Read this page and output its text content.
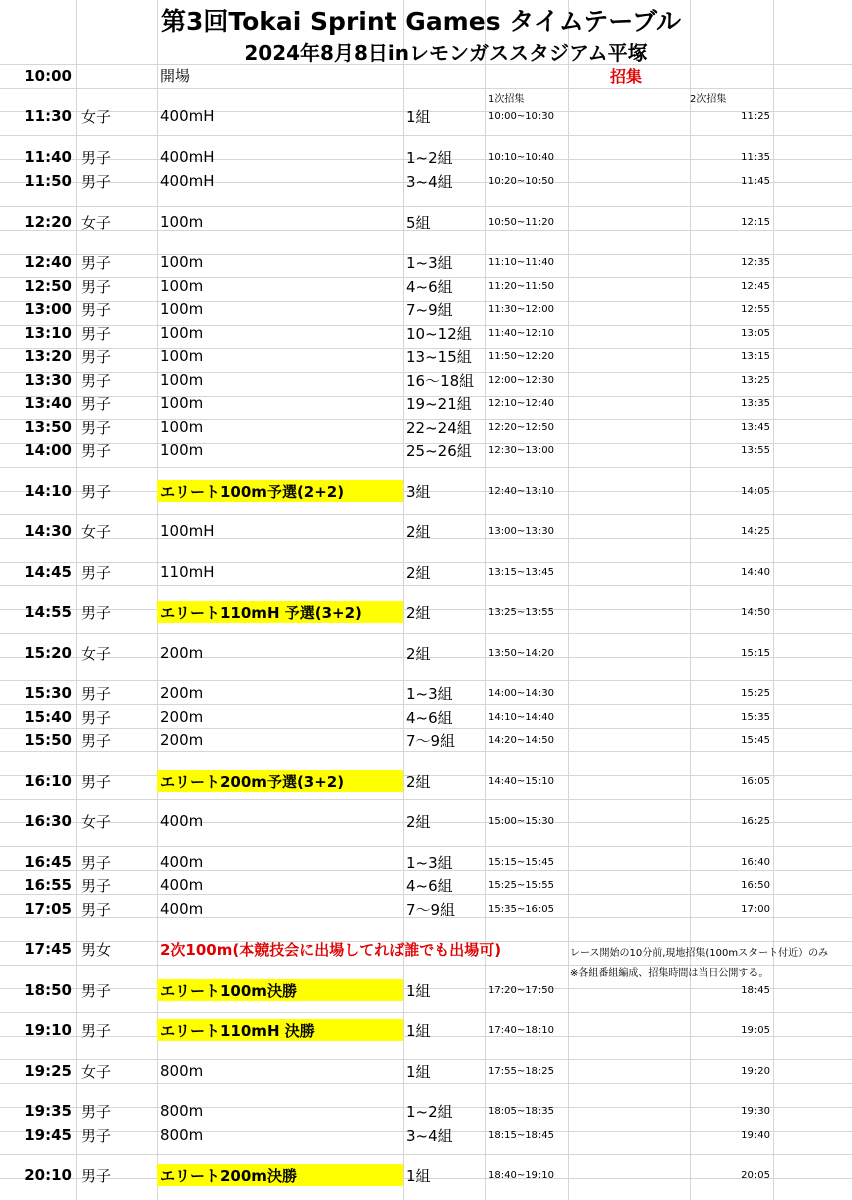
第3回Tokai Sprint Games タイムテーブル
2024年8月8日inレモンガススタジアム平塚
10:00	開場	招集
1次招集	2次招集
11:30 女子	400mH	1組	10:00~10:30	11:25
11:40 男子	400mH	1~2組	10:10~10:40	11:35
11:50 男子	400mH	3~4組	10:20~10:50	11:45
12:20 女子	100m	5組	10:50~11:20	12:15
12:40 男子	100m	1~3組	11:10~11:40	12:35
12:50 男子	100m	4~6組	11:20~11:50	12:45
13:00 男子	100m	7~9組	11:30~12:00	12:55
13:10 男子	100m	10~12組 11:40~12:10	13:05
13:20 男子	100m	13~15組 11:50~12:20	13:15
13:30 男子	100m	16〜18組 12:00~12:30	13:25
13:40 男子	100m	19~21組 12:10~12:40	13:35
13:50 男子	100m	22~24組 12:20~12:50	13:45
14:00 男子	100m	25~26組 12:30~13:00	13:55
14:10 男子	エリート100m予選(2+2)	3組	12:40~13:10	14:05
14:30 女子	100mH	2組	13:00~13:30	14:25
14:45 男子	110mH	2組	13:15~13:45	14:40
14:55 男子	エリート110mH 予選(3+2)	2組	13:25~13:55	14:50
15:20 女子	200m	2組	13:50~14:20	15:15
15:30 男子	200m	1~3組	14:00~14:30	15:25
15:40 男子	200m	4~6組	14:10~14:40	15:35
15:50 男子	200m	7〜9組	14:20~14:50	15:45
16:10 男子	エリート200m予選(3+2)	2組	14:40~15:10	16:05
16:30 女子	400m	2組	15:00~15:30	16:25
16:45 男子	400m	1~3組	15:15~15:45	16:40
16:55 男子	400m	4~6組	15:25~15:55	16:50
17:05 男子	400m	7〜9組	15:35~16:05	17:00
17:45 男女	2次100m(本競技会に出場してれば誰でも出場可)
18:50 男子	エリート100m決勝	1組	17:20~17:50	18:45
19:10 男子	エリート110mH 決勝	1組	17:40~18:10	19:05
19:25 女子	800m	1組	17:55~18:25	19:20
19:35 男子	800m	1~2組	18:05~18:35	19:30
19:45 男子	800m	3~4組	18:15~18:45	19:40
20:10 男子	エリート200m決勝	1組	18:40~19:10	20:05
レース開始の10分前,現地招集(100mスタート付近）のみ
※各組番組編成、招集時間は当日公開する。
